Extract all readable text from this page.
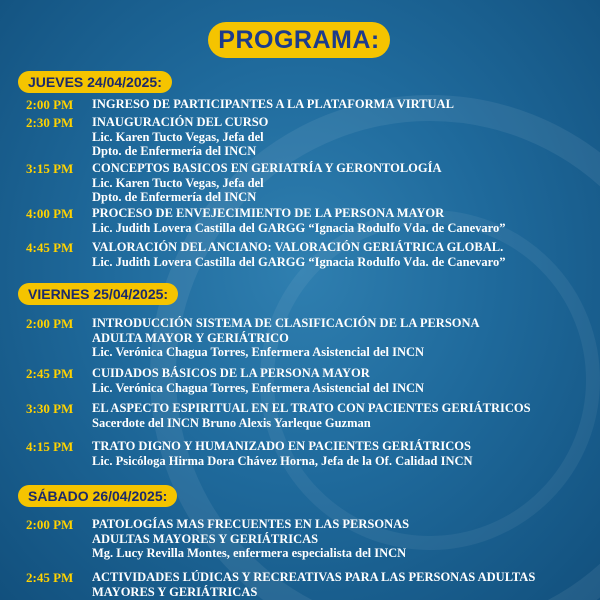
PROGRAMA:
JUEVES 24/04/2025:
2:00 PM INGRESO DE PARTICIPANTES A LA PLATAFORMA VIRTUAL
2:30 PM INAUGURACIÓN DEL CURSO
Lic. Karen Tucto Vegas, Jefa del
Dpto. de Enfermería del INCN
3:15 PM CONCEPTOS BASICOS EN GERIATRÍA Y GERONTOLOGÍA
Lic. Karen Tucto Vegas, Jefa del
Dpto. de Enfermería del INCN
4:00 PM PROCESO DE ENVEJECIMIENTO DE LA PERSONA MAYOR
Lic. Judith Lovera Castilla del GARGG “Ignacia Rodulfo Vda. de Canevaro”
4:45 PM VALORACIÓN DEL ANCIANO: VALORACIÓN GERIÁTRICA GLOBAL.
Lic. Judith Lovera Castilla del GARGG “Ignacia Rodulfo Vda. de Canevaro”
VIERNES 25/04/2025:
2:00 PM INTRODUCCIÓN SISTEMA DE CLASIFICACIÓN DE LA PERSONA
ADULTA MAYOR Y GERIÁTRICO
Lic. Verónica Chagua Torres, Enfermera Asistencial del INCN
2:45 PM CUIDADOS BÁSICOS DE LA PERSONA MAYOR
Lic. Verónica Chagua Torres, Enfermera Asistencial del INCN
3:30 PM EL ASPECTO ESPIRITUAL EN EL TRATO CON PACIENTES GERIÁTRICOS
Sacerdote del INCN Bruno Alexis Yarleque Guzman
4:15 PM TRATO DIGNO Y HUMANIZADO EN PACIENTES GERIÁTRICOS
Lic. Psicóloga Hirma Dora Chávez Horna, Jefa de la Of. Calidad INCN
SÁBADO 26/04/2025:
2:00 PM PATOLOGÍAS MAS FRECUENTES EN LAS PERSONAS
ADULTAS MAYORES Y GERIÁTRICAS
Mg. Lucy Revilla Montes, enfermera especialista del INCN
2:45 PM ACTIVIDADES LÚDICAS Y RECREATIVAS PARA LAS PERSONAS ADULTAS
MAYORES Y GERIÁTRICAS
